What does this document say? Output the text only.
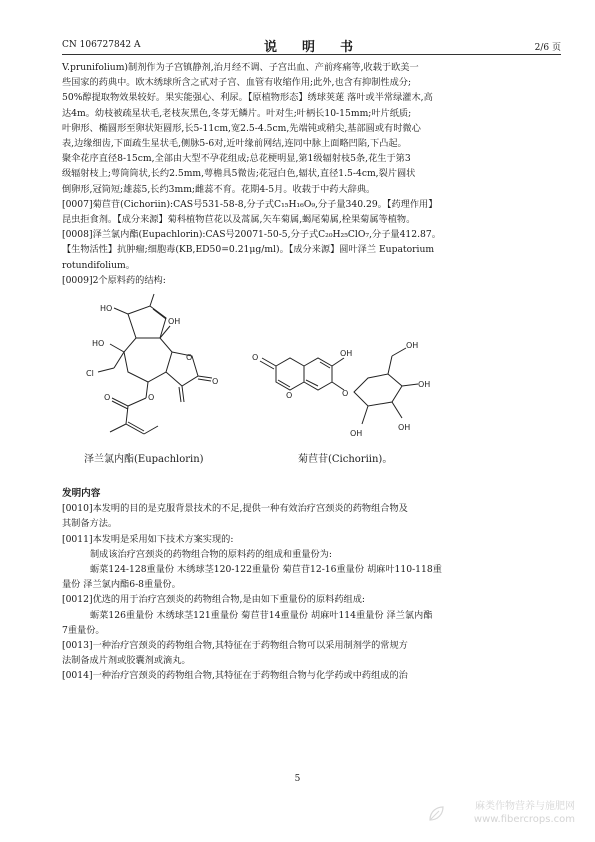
CN 106727842 A	说　明　书	2/6 页

V.prunifolium)制剂作为子宫镇静剂,治月经不调、子宫出血、产前疼痛等,收载于欧美一

些国家的药典中。欧木绣球所含之甙对子宫、血管有收缩作用;此外,也含有抑制性成分;

50%醇提取物效果较好。果实能强心、利尿。【原植物形态】绣球荚蒾 落叶或半常绿灌木,高

达4m。幼枝被疏星状毛,老枝灰黑色,冬芽无鳞片。叶对生;叶柄长10-15mm;叶片纸质;

叶卵形、椭圆形至卵状矩圆形,长5-11cm,宽2.5-4.5cm,先端钝或稍尖,基部圆或有时微心

表,边缘细齿,下面疏生星状毛,侧脉5-6对,近叶缘前网结,连同中脉上面略凹陷,下凸起。

聚伞花序直径8-15cm,全部由大型不孕花组成;总花梗明显,第1级辐射枝5条,花生于第3

级辐射枝上;萼筒筒状,长约2.5mm,萼檐具5微齿;花冠白色,辐状,直径1.5-4cm,裂片圆状

倒卵形,冠筒短;雄蕊5,长约3mm;雌蕊不育。花期4-5月。收载于中药大辞典。

[0007]菊苣苷(Cichoriin):CAS号531-58-8,分子式C₁₅H₁₆O₉,分子量340.29。【药理作用】

昆虫拒食剂。【成分来源】菊科植物苣花以及蒿属,矢车菊属,蝎尾菊属,栓果菊属等植物。

[0008]泽兰氯内酯(Eupachlorin):CAS号20071-50-5,分子式C₂₀H₂₅ClO₇,分子量412.87。

【生物活性】抗肿瘤;细胞毒(KB,ED50=0.21μg/ml)。【成分来源】圆叶泽兰 Eupatorium

rotundifolium。

[0009]2个原料药的结构:

HO
OH
HO
Cl
O
O
O
O
O
O
OH
O
OH
OH
OH
OH
泽兰氯内酯(Eupachlorin)	菊苣苷(Cichoriin)。

发明内容

[0010]本发明的目的是克服背景技术的不足,提供一种有效治疗宫颈炎的药物组合物及

其制备方法。

[0011]本发明是采用如下技术方案实现的:

制成该治疗宫颈炎的药物组合物的原料药的组成和重量份为:

蛎菜124-128重量份 木绣球茎120-122重量份 菊苣苷12-16重量份 胡麻叶110-118重

量份 泽兰氯内酯6-8重量份。

[0012]优选的用于治疗宫颈炎的药物组合物,是由如下重量份的原料药组成:

蛎菜126重量份 木绣球茎121重量份 菊苣苷14重量份 胡麻叶114重量份 泽兰氯内酯

7重量份。

[0013]一种治疗宫颈炎的药物组合物,其特征在于药物组合物可以采用制剂学的常规方

法制备成片剂或胶囊剂或滴丸。

[0014]一种治疗宫颈炎的药物组合物,其特征在于药物组合物与化学药或中药组成的治

5
麻类作物营养与施肥网
www.fibercrops.com
